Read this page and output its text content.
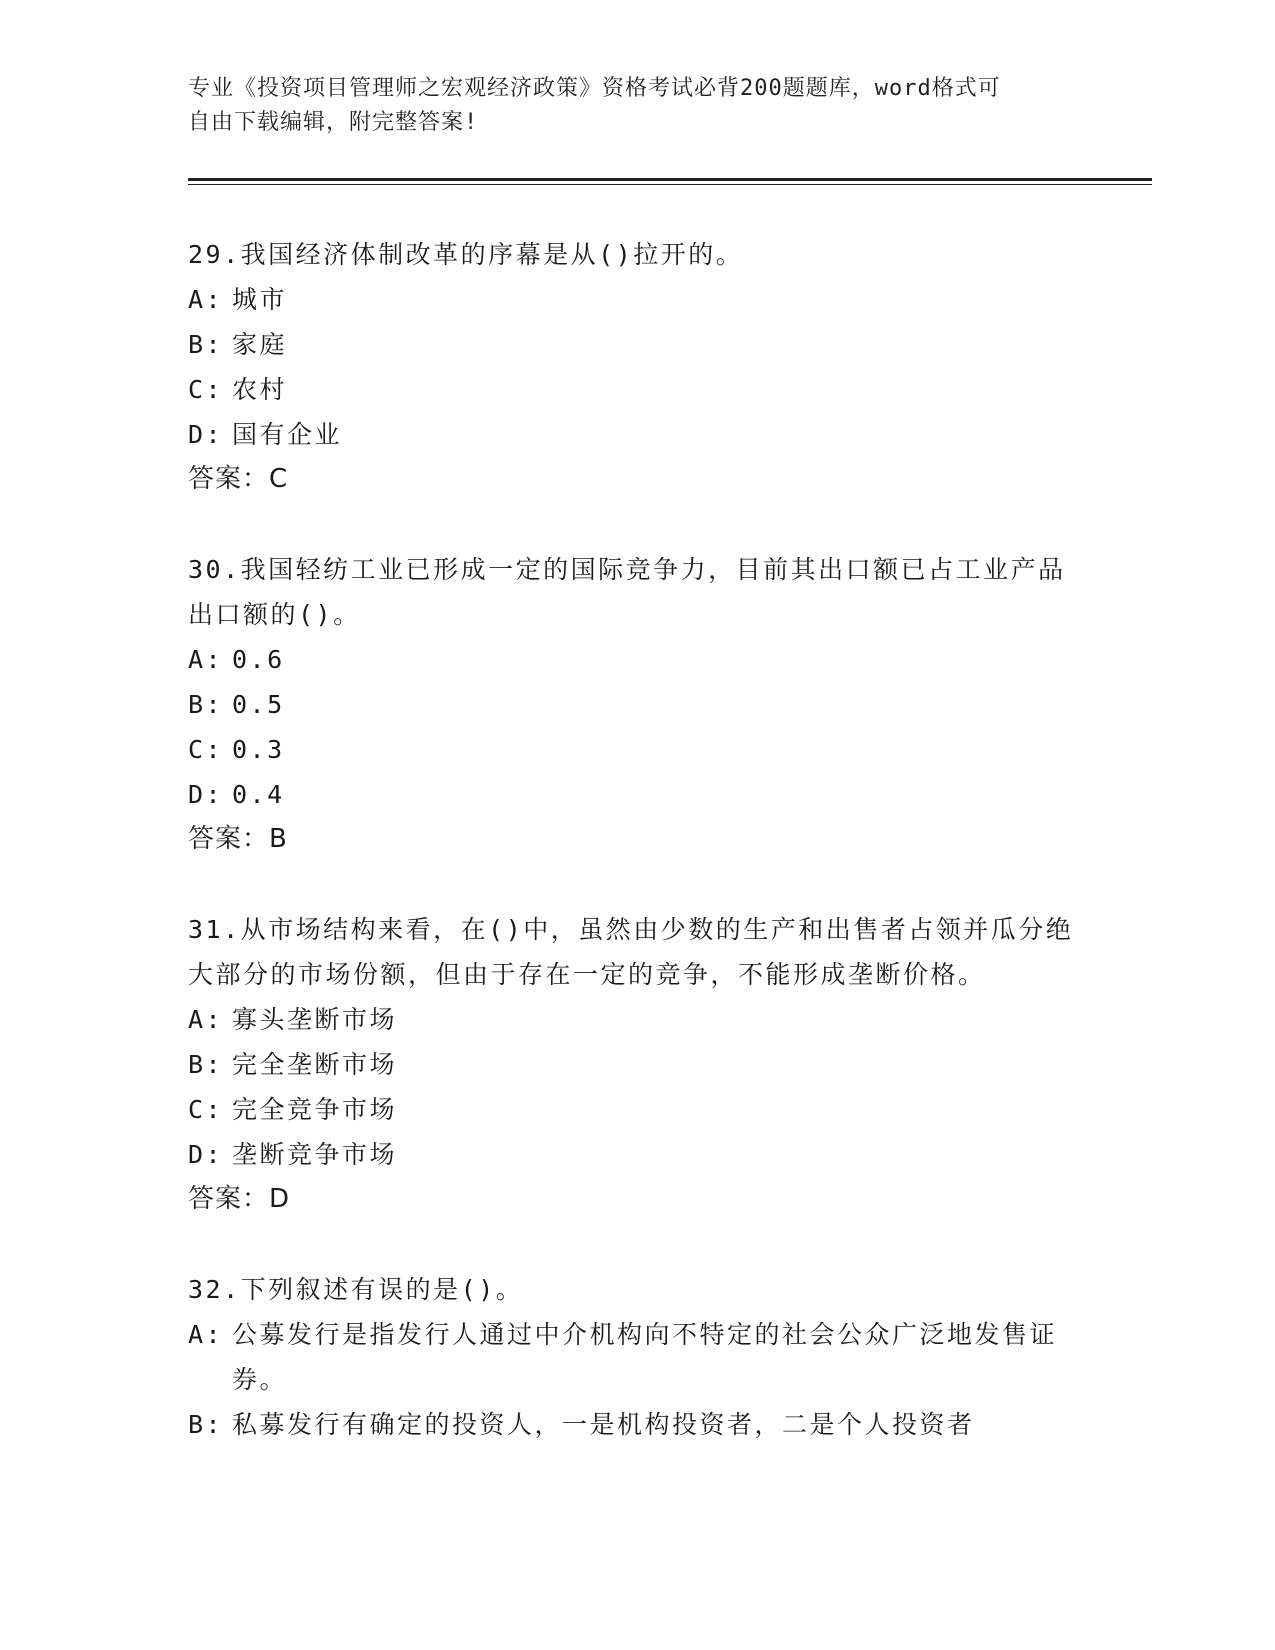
专业《投资项目管理师之宏观经济政策》资格考试必背200题题库，word格式可
自由下载编辑，附完整答案!
29.我国经济体制改革的序幕是从()拉开的。
A: 城市
B: 家庭
C: 农村
D: 国有企业
答案：C
30.我国轻纺工业已形成一定的国际竞争力，目前其出口额已占工业产品出口额的()。
A: 0.6
B: 0.5
C: 0.3
D: 0.4
答案：B
31.从市场结构来看，在()中，虽然由少数的生产和出售者占领并瓜分绝大部分的市场份额，但由于存在一定的竞争，不能形成垄断价格。
A: 寡头垄断市场
B: 完全垄断市场
C: 完全竞争市场
D: 垄断竞争市场
答案：D
32.下列叙述有误的是()。
A: 公募发行是指发行人通过中介机构向不特定的社会公众广泛地发售证券。
B: 私募发行有确定的投资人，一是机构投资者，二是个人投资者
